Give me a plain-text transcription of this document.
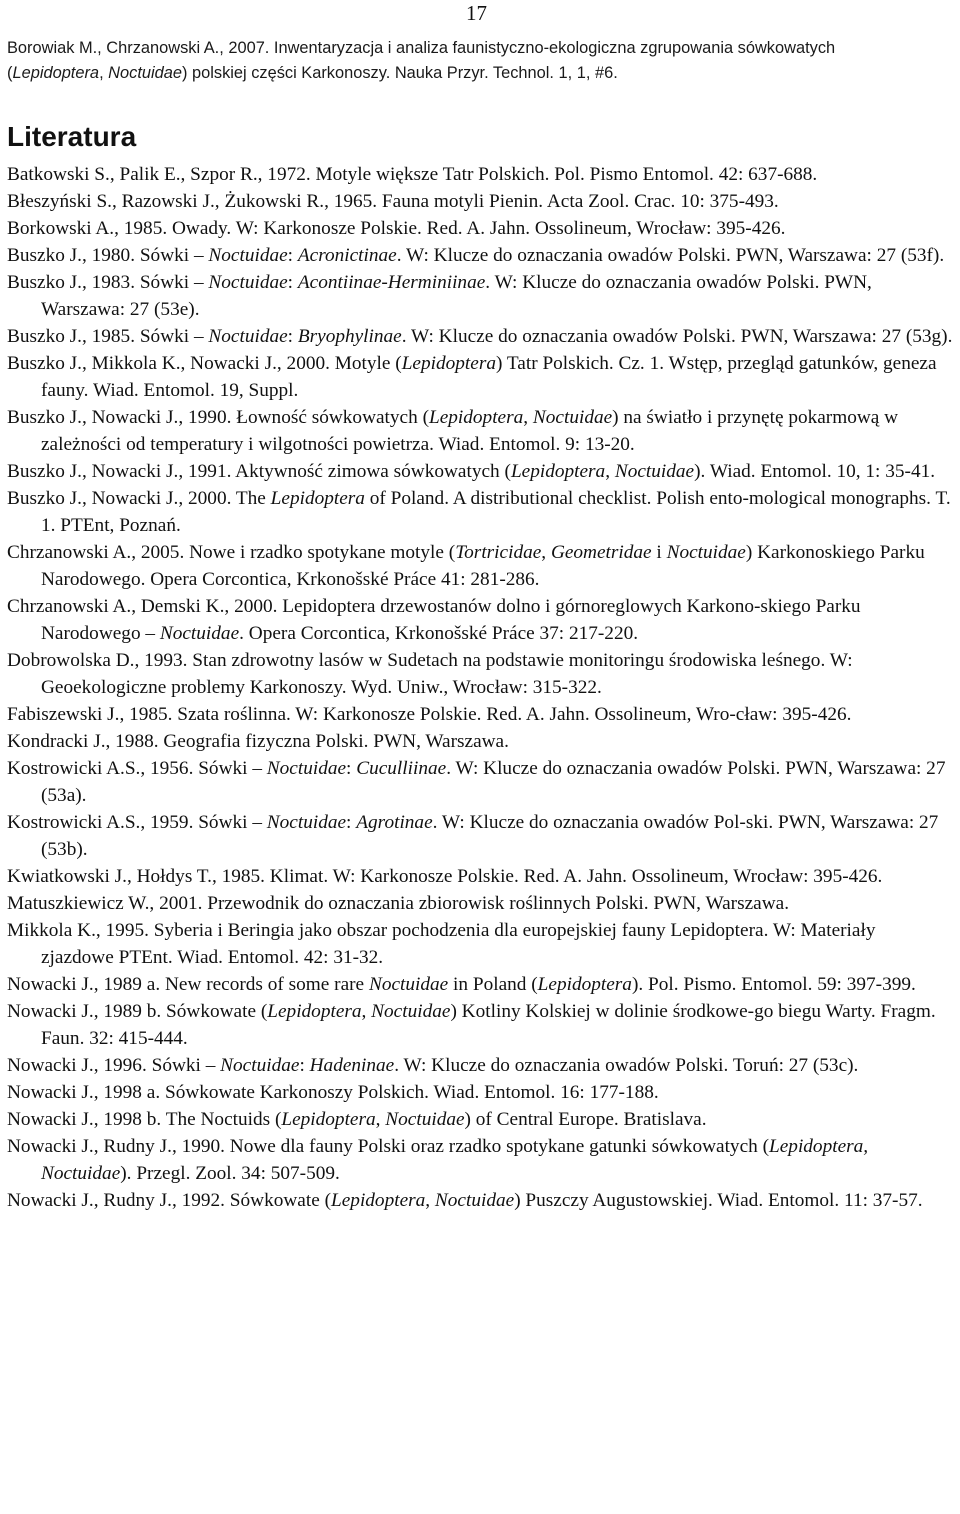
17
Borowiak M., Chrzanowski A., 2007. Inwentaryzacja i analiza faunistyczno-ekologiczna zgrupowania sówkowatych
(Lepidoptera, Noctuidae) polskiej części Karkonoszy. Nauka Przyr. Technol. 1, 1, #6.
Literatura

Batkowski S., Palik E., Szpor R., 1972. Motyle większe Tatr Polskich. Pol. Pismo Entomol. 42: 637-688.

Błeszyński S., Razowski J., Żukowski R., 1965. Fauna motyli Pienin. Acta Zool. Crac. 10: 375-493.

Borkowski A., 1985. Owady. W: Karkonosze Polskie. Red. A. Jahn. Ossolineum, Wrocław: 395-426.

Buszko J., 1980. Sówki – Noctuidae: Acronictinae. W: Klucze do oznaczania owadów Polski. PWN, Warszawa: 27 (53f).

Buszko J., 1983. Sówki – Noctuidae: Acontiinae-Herminiinae. W: Klucze do oznaczania owadów Polski. PWN, Warszawa: 27 (53e).

Buszko J., 1985. Sówki – Noctuidae: Bryophylinae. W: Klucze do oznaczania owadów Polski. PWN, Warszawa: 27 (53g).

Buszko J., Mikkola K., Nowacki J., 2000. Motyle (Lepidoptera) Tatr Polskich. Cz. 1. Wstęp, przegląd gatunków, geneza fauny. Wiad. Entomol. 19, Suppl.

Buszko J., Nowacki J., 1990. Łowność sówkowatych (Lepidoptera, Noctuidae) na światło i przynętę pokarmową w zależności od temperatury i wilgotności powietrza. Wiad. Entomol. 9: 13-20.

Buszko J., Nowacki J., 1991. Aktywność zimowa sówkowatych (Lepidoptera, Noctuidae). Wiad. Entomol. 10, 1: 35-41.

Buszko J., Nowacki J., 2000. The Lepidoptera of Poland. A distributional checklist. Polish ento-mological monographs. T. 1. PTEnt, Poznań.

Chrzanowski A., 2005. Nowe i rzadko spotykane motyle (Tortricidae, Geometridae i Noctuidae) Karkonoskiego Parku Narodowego. Opera Corcontica, Krkonošské Práce 41: 281-286.

Chrzanowski A., Demski K., 2000. Lepidoptera drzewostanów dolno i górnoreglowych Karkono-skiego Parku Narodowego – Noctuidae. Opera Corcontica, Krkonošské Práce 37: 217-220.

Dobrowolska D., 1993. Stan zdrowotny lasów w Sudetach na podstawie monitoringu środowiska leśnego. W: Geoekologiczne problemy Karkonoszy. Wyd. Uniw., Wrocław: 315-322.

Fabiszewski J., 1985. Szata roślinna. W: Karkonosze Polskie. Red. A. Jahn. Ossolineum, Wro-cław: 395-426.

Kondracki J., 1988. Geografia fizyczna Polski. PWN, Warszawa.

Kostrowicki A.S., 1956. Sówki – Noctuidae: Cuculliinae. W: Klucze do oznaczania owadów Polski. PWN, Warszawa: 27 (53a).

Kostrowicki A.S., 1959. Sówki – Noctuidae: Agrotinae. W: Klucze do oznaczania owadów Pol-ski. PWN, Warszawa: 27 (53b).

Kwiatkowski J., Hołdys T., 1985. Klimat. W: Karkonosze Polskie. Red. A. Jahn. Ossolineum, Wrocław: 395-426.

Matuszkiewicz W., 2001. Przewodnik do oznaczania zbiorowisk roślinnych Polski. PWN, Warszawa.

Mikkola K., 1995. Syberia i Beringia jako obszar pochodzenia dla europejskiej fauny Lepidoptera. W: Materiały zjazdowe PTEnt. Wiad. Entomol. 42: 31-32.

Nowacki J., 1989 a. New records of some rare Noctuidae in Poland (Lepidoptera). Pol. Pismo. Entomol. 59: 397-399.

Nowacki J., 1989 b. Sówkowate (Lepidoptera, Noctuidae) Kotliny Kolskiej w dolinie środkowe-go biegu Warty. Fragm. Faun. 32: 415-444.

Nowacki J., 1996. Sówki – Noctuidae: Hadeninae. W: Klucze do oznaczania owadów Polski. Toruń: 27 (53c).

Nowacki J., 1998 a. Sówkowate Karkonoszy Polskich. Wiad. Entomol. 16: 177-188.

Nowacki J., 1998 b. The Noctuids (Lepidoptera, Noctuidae) of Central Europe. Bratislava.

Nowacki J., Rudny J., 1990. Nowe dla fauny Polski oraz rzadko spotykane gatunki sówkowatych (Lepidoptera, Noctuidae). Przegl. Zool. 34: 507-509.

Nowacki J., Rudny J., 1992. Sówkowate (Lepidoptera, Noctuidae) Puszczy Augustowskiej. Wiad. Entomol. 11: 37-57.
